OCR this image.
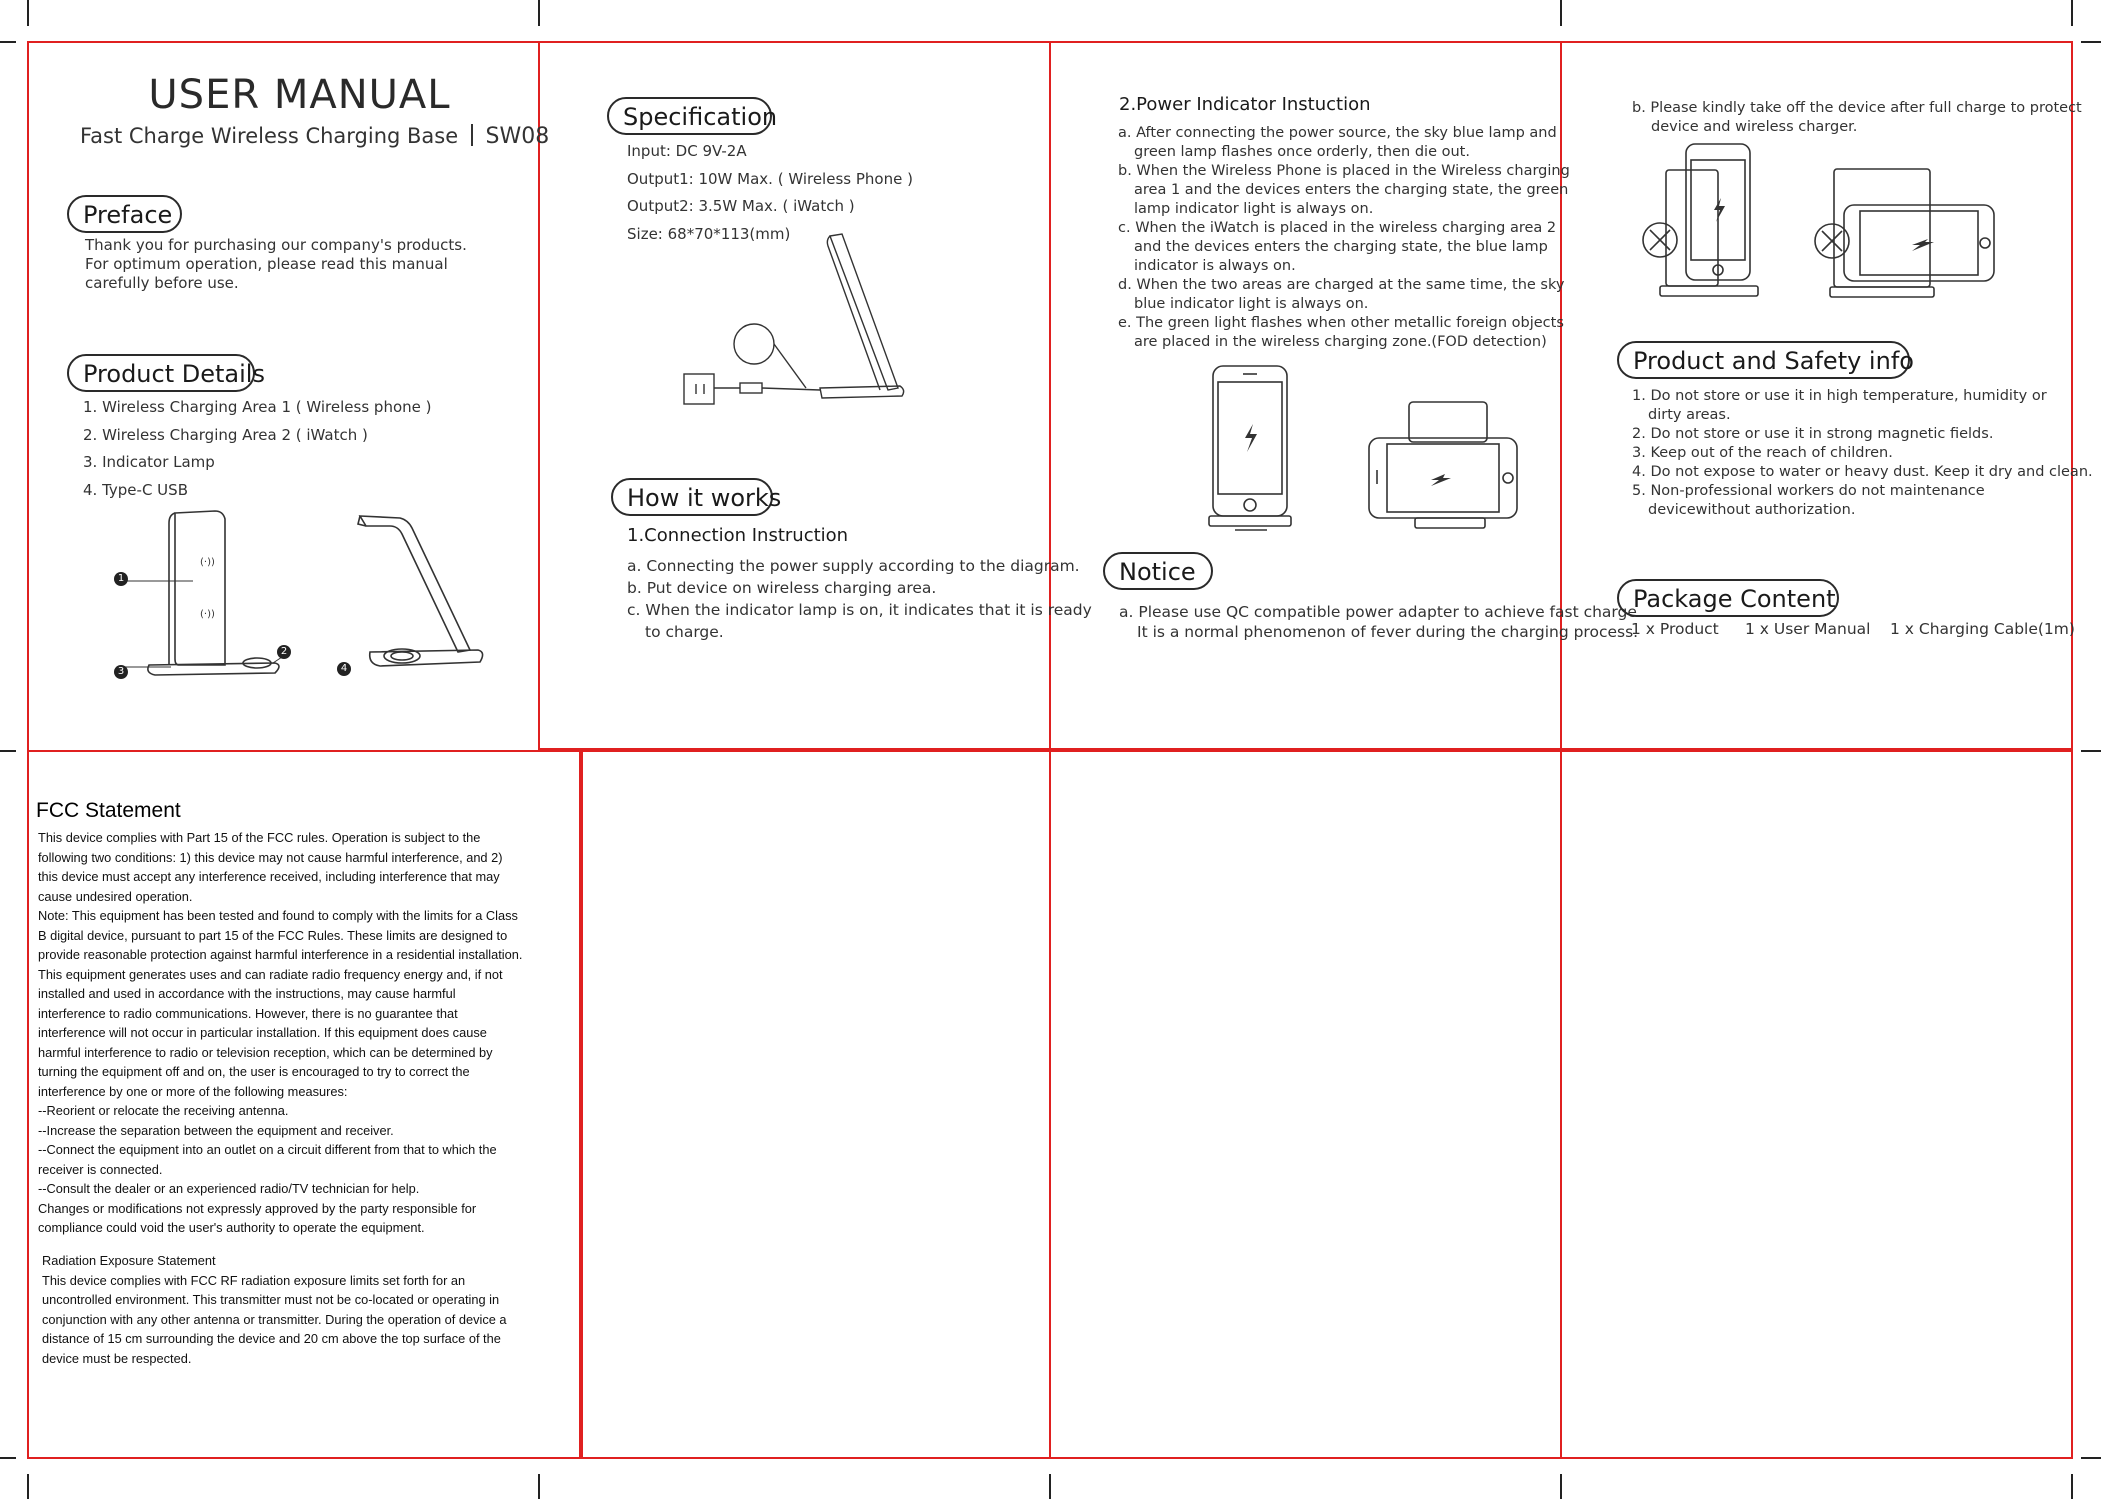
USER MANUAL
Fast Charge Wireless Charging Base SW08
Preface
Thank you for purchasing our company's products.
For optimum operation, please read this manual
carefully before use.
Product Details
1. Wireless Charging Area 1 ( Wireless phone )
2. Wireless Charging Area 2 ( iWatch )
3. Indicator Lamp
4. Type-C USB
(·))
(·))
1
2
3	4
Specification
Input: DC 9V-2A
Output1: 10W Max. ( Wireless Phone )
Output2: 3.5W Max. ( iWatch )
Size: 68*70*113(mm)
How it works
1.Connection Instruction
a. Connecting the power supply according to the diagram.
b. Put device on wireless charging area.
c. When the indicator lamp is on, it indicates that it is ready
to charge.
2.Power Indicator Instuction
a. After connecting the power source, the sky blue lamp and
green lamp flashes once orderly, then die out.
b. When the Wireless Phone is placed in the Wireless charging
area 1 and the devices enters the charging state, the green
lamp indicator light is always on.
c. When the iWatch is placed in the wireless charging area 2
and the devices enters the charging state, the blue lamp
indicator is always on.
d. When the two areas are charged at the same time, the sky
blue indicator light is always on.
e. The green light flashes when other metallic foreign objects
are placed in the wireless charging zone.(FOD detection)
Notice
a. Please use QC compatible power adapter to achieve fast charge.
It is a normal phenomenon of fever during the charging process.
b. Please kindly take off the device after full charge to protect
device and wireless charger.
Product and Safety info
1. Do not store or use it in high temperature, humidity or
dirty areas.
2. Do not store or use it in strong magnetic fields.
3. Keep out of the reach of children.
4. Do not expose to water or heavy dust. Keep it dry and clean.
5. Non-professional workers do not maintenance
devicewithout authorization.
Package Content
1 x Product 1 x User Manual 1 x Charging Cable(1m)
FCC Statement
This device complies with Part 15 of the FCC rules. Operation is subject to the
following two conditions: 1) this device may not cause harmful interference, and 2)
this device must accept any interference received, including interference that may
cause undesired operation.
Note: This equipment has been tested and found to comply with the limits for a Class
B digital device, pursuant to part 15 of the FCC Rules. These limits are designed to
provide reasonable protection against harmful interference in a residential installation.
This equipment generates uses and can radiate radio frequency energy and, if not
installed and used in accordance with the instructions, may cause harmful
interference to radio communications. However, there is no guarantee that
interference will not occur in particular installation. If this equipment does cause
harmful interference to radio or television reception, which can be determined by
turning the equipment off and on, the user is encouraged to try to correct the
interference by one or more of the following measures:
--Reorient or relocate the receiving antenna.
--Increase the separation between the equipment and receiver.
--Connect the equipment into an outlet on a circuit different from that to which the
receiver is connected.
--Consult the dealer or an experienced radio/TV technician for help.
Changes or modifications not expressly approved by the party responsible for
compliance could void the user's authority to operate the equipment.
Radiation Exposure Statement
This device complies with FCC RF radiation exposure limits set forth for an
uncontrolled environment. This transmitter must not be co-located or operating in
conjunction with any other antenna or transmitter. During the operation of device a
distance of 15 cm surrounding the device and 20 cm above the top surface of the
device must be respected.
